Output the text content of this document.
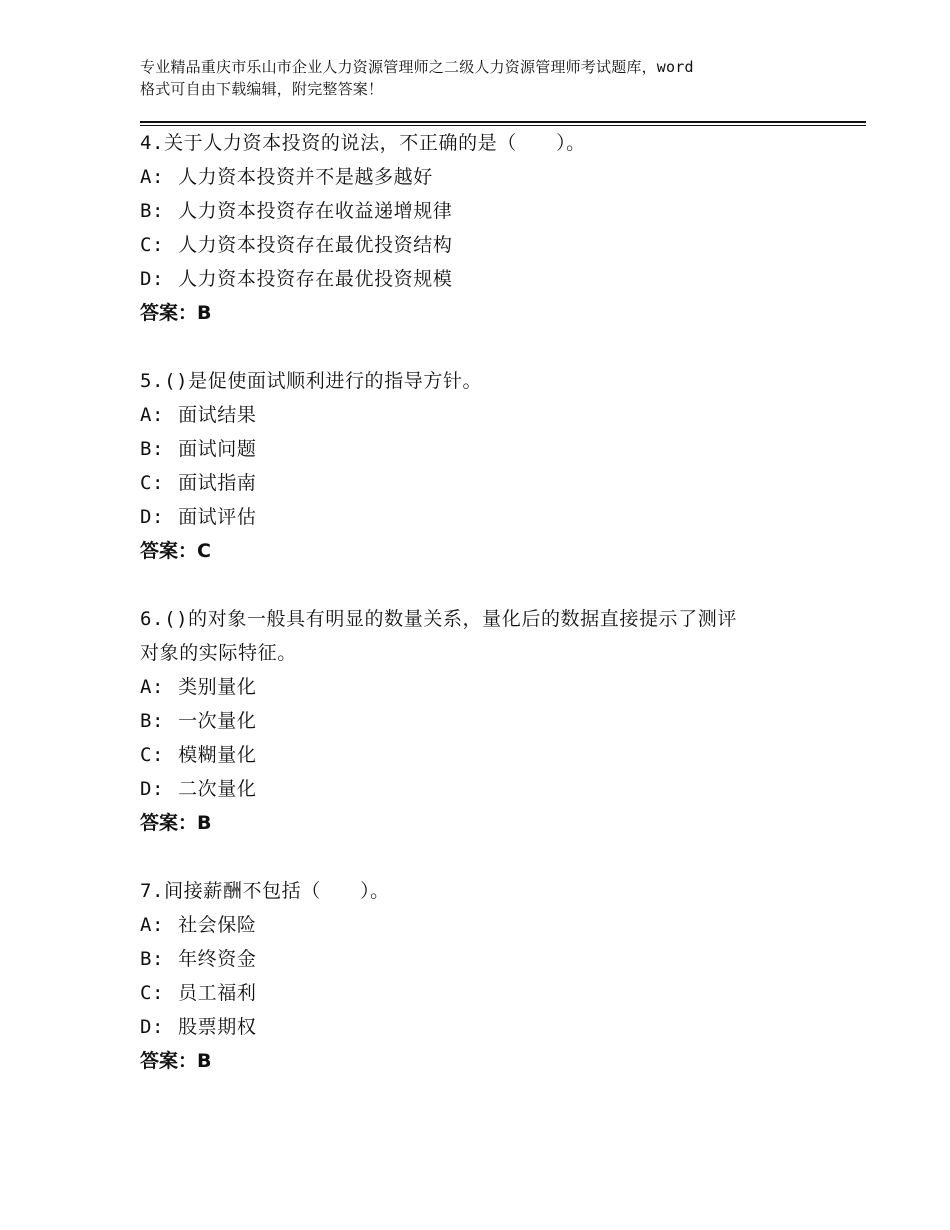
专业精品重庆市乐山市企业人力资源管理师之二级人力资源管理师考试题库，word
格式可自由下载编辑，附完整答案！
4.关于人力资本投资的说法，不正确的是（　　）。
A: 人力资本投资并不是越多越好
B: 人力资本投资存在收益递增规律
C: 人力资本投资存在最优投资结构
D: 人力资本投资存在最优投资规模
答案：B
5.()是促使面试顺利进行的指导方针。
A: 面试结果
B: 面试问题
C: 面试指南
D: 面试评估
答案：C
6.()的对象一般具有明显的数量关系，量化后的数据直接提示了测评
对象的实际特征。
A: 类别量化
B: 一次量化
C: 模糊量化
D: 二次量化
答案：B
7.间接薪酬不包括（　　）。
A: 社会保险
B: 年终资金
C: 员工福利
D: 股票期权
答案：B
